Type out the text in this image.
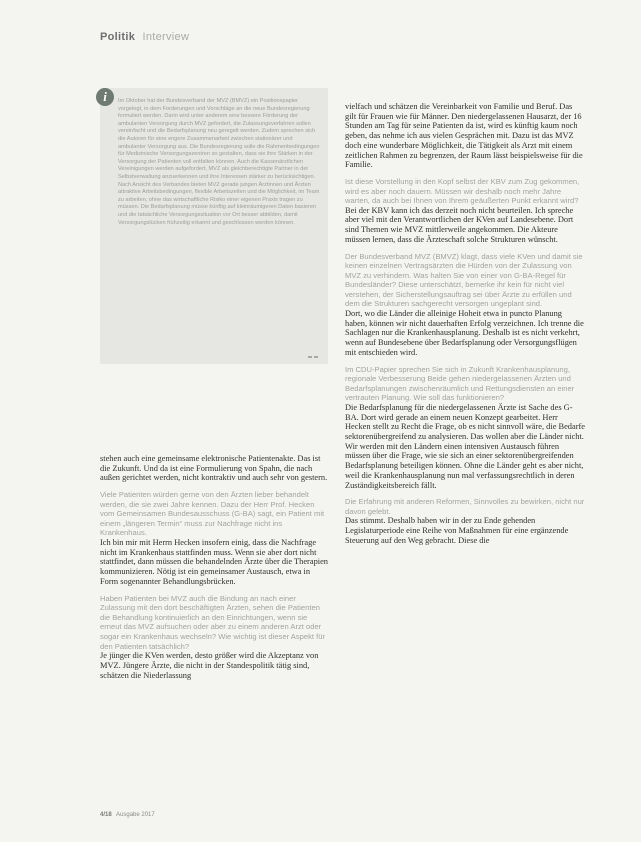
Politik Interview
i	Im Oktober hat der Bundesverband der MVZ (BMVZ) ein Positionspapier vorgelegt, in dem Forderungen und Vorschläge an die neue Bundesregierung formuliert werden. Darin wird unter anderem eine bessere Förderung der ambulanten Versorgung durch MVZ gefordert, die Zulassungsverfahren sollen vereinfacht und die Bedarfsplanung neu geregelt werden. Zudem sprechen sich die Autoren für eine engere Zusammenarbeit zwischen stationärer und ambulanter Versorgung aus. Die Bundesregierung solle die Rahmenbedingungen für Medizinische Versorgungszentren so gestalten, dass sie ihre Stärken in der Versorgung der Patienten voll entfalten können. Auch die Kassenärztlichen Vereinigungen werden aufgefordert, MVZ als gleichberechtigte Partner in der Selbstverwaltung anzuerkennen und ihre Interessen stärker zu berücksichtigen. Nach Ansicht des Verbandes bieten MVZ gerade jungen Ärztinnen und Ärzten attraktive Arbeitsbedingungen, flexible Arbeitszeiten und die Möglichkeit, im Team zu arbeiten, ohne das wirtschaftliche Risiko einer eigenen Praxis tragen zu müssen. Die Bedarfsplanung müsse künftig auf kleinräumigeren Daten basieren und die tatsächliche Versorgungssituation vor Ort besser abbilden, damit Versorgungslücken frühzeitig erkannt und geschlossen werden können.

stehen auch eine gemeinsame elektronische Patientenakte. Das ist die Zukunft. Und da ist eine Formulierung von Spahn, die nach außen gerichtet werden, nicht kontraktiv und auch sehr von gestern.

Viele Patienten würden gerne von den Ärzten lieber behandelt werden, die sie zwei Jahre kennen. Dazu der Herr Prof. Hecken vom Gemeinsamen Bundesausschuss (G-BA) sagt, ein Patient mit einem „längeren Termin“ muss zur Nachfrage nicht ins Krankenhaus.

Ich bin mir mit Herrn Hecken insofern einig, dass die Nachfrage nicht im Krankenhaus stattfinden muss. Wenn sie aber dort nicht stattfindet, dann müssen die behandelnden Ärzte über die Therapien kommunizieren. Nötig ist ein gemeinsamer Austausch, etwa in Form sogenannter Behandlungsbrücken.

Haben Patienten bei MVZ auch die Bindung an nach einer Zulassung mit den dort beschäftigten Ärzten, sehen die Patienten die Behandlung kontinuierlich an den Einrichtungen, wenn sie erneut das MVZ aufsuchen oder aber zu einem anderen Arzt oder sogar ein Krankenhaus wechseln? Wie wichtig ist dieser Aspekt für den Patienten tatsächlich?

Je jünger die KVen werden, desto größer wird die Akzeptanz von MVZ. Jüngere Ärzte, die nicht in der Standespolitik tätig sind, schätzen die Niederlassung

vielfach und schätzen die Vereinbarkeit von Familie und Beruf. Das gilt für Frauen wie für Männer. Den niedergelassenen Hausarzt, der 16 Stunden am Tag für seine Patienten da ist, wird es künftig kaum noch geben, das nehme ich aus vielen Gesprächen mit. Dazu ist das MVZ doch eine wunderbare Möglichkeit, die Tätigkeit als Arzt mit einem zeitlichen Rahmen zu begrenzen, der Raum lässt beispielsweise für die Familie.

Ist diese Vorstellung in den Kopf selbst der KBV zum Zug gekommen, wird es aber noch dauern. Müssen wir deshalb noch mehr Jahre warten, da auch bei Ihnen von Ihrem geäußerten Punkt erkannt wird?

Bei der KBV kann ich das derzeit noch nicht beurteilen. Ich spreche aber viel mit den Verantwortlichen der KVen auf Landesebene. Dort sind Themen wie MVZ mittlerweile angekommen. Die Akteure müssen lernen, dass die Ärzteschaft solche Strukturen wünscht.

Der Bundesverband MVZ (BMVZ) klagt, dass viele KVen und damit sie keinen einzelnen Vertragsärzten die Hürden von der Zulassung von MVZ zu verhindern. Was halten Sie von einer von G-BA-Regel für Bundesländer? Diese unterschätzt, bemerke ihr kein für nicht viel verstehen, der Sicherstellungsauftrag sei über Ärzte zu erfüllen und dem die Strukturen sachgerecht versorgen ungeplant sind.

Dort, wo die Länder die alleinige Hoheit etwa in puncto Planung haben, können wir nicht dauerhaften Erfolg verzeichnen. Ich trenne die Sachlagen nur die Krankenhausplanung. Deshalb ist es nicht verkehrt, wenn auf Bundesebene über Bedarfsplanung oder Versorgungsflügen mit entschieden wird.

Im CDU-Papier sprechen Sie sich in Zukunft Krankenhausplanung, regionale Verbesserung Beide gehen niedergelassenen Ärzten und Bedarfsplanungen zwischenräumlich und Rettungsdiensten an einer vertrauten Planung. Wie soll das funktionieren?

Die Bedarfsplanung für die niedergelassenen Ärzte ist Sache des G-BA. Dort wird gerade an einem neuen Konzept gearbeitet. Herr Hecken stellt zu Recht die Frage, ob es nicht sinnvoll wäre, die Bedarfe sektorenübergreifend zu analysieren. Das wollen aber die Länder nicht. Wir werden mit den Ländern einen intensiven Austausch führen müssen über die Frage, wie sie sich an einer sektorenübergreifenden Bedarfsplanung beteiligen können. Ohne die Länder geht es aber nicht, weil die Krankenhausplanung nun mal verfassungsrechtlich in deren Zuständigkeitsbereich fällt.

Die Erfahrung mit anderen Reformen, Sinnvolles zu bewirken, nicht nur davon gelebt.

Das stimmt. Deshalb haben wir in der zu Ende gehenden Legislaturperiode eine Reihe von Maßnahmen für eine ergänzende Steuerung auf den Weg gebracht. Diese die

4/18 Ausgabe 2017
